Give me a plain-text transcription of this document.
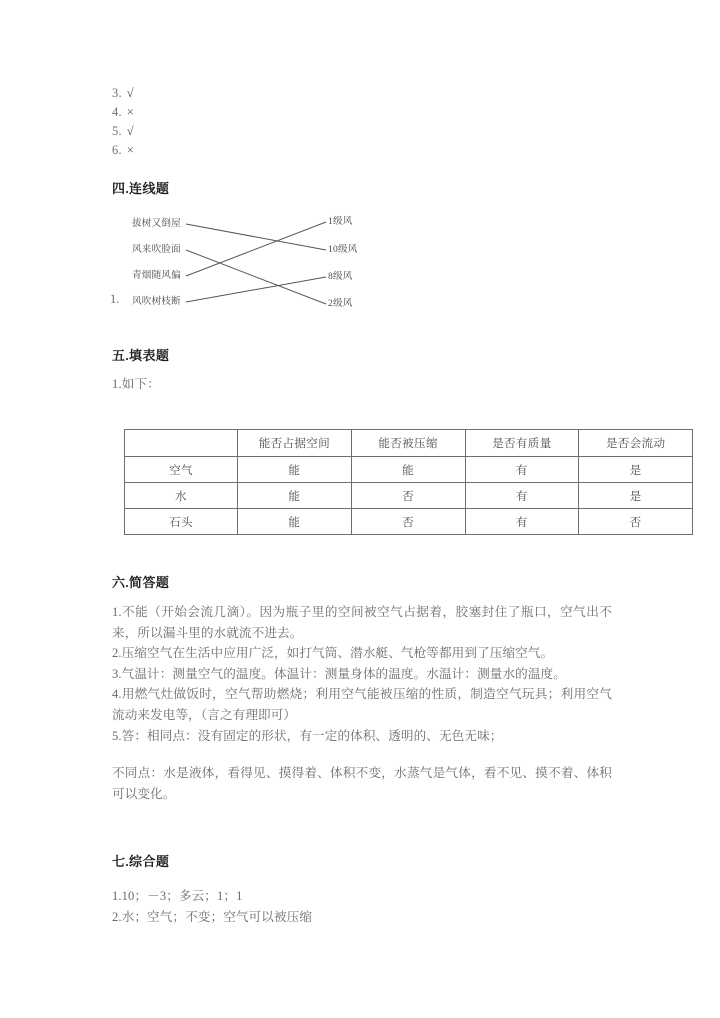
3. √
4. ×
5. √
6. ×
四.连线题
1.
拔树又倒屋
风来吹脸面
青烟随风偏
风吹树枝断
1级风
10级风
8级风
2级风
五.填表题
1.如下：
	能否占据空间	能否被压缩	是否有质量	是否会流动
空气	能	能	有	是
水	能	否	有	是
石头	能	否	有	否
六.简答题

1.不能（开始会流几滴）。因为瓶子里的空间被空气占据着，胶塞封住了瓶口，空气出不来，所以漏斗里的水就流不进去。

2.压缩空气在生活中应用广泛，如打气筒、潜水艇、气枪等都用到了压缩空气。

3.气温计：测量空气的温度。体温计：测量身体的温度。水温计：测量水的温度。

4.用燃气灶做饭时，空气帮助燃烧；利用空气能被压缩的性质，制造空气玩具；利用空气流动来发电等，（言之有理即可）

5.答：相同点：没有固定的形状，有一定的体积、透明的、无色无味；

不同点：水是液体，看得见、摸得着、体积不变，水蒸气是气体，看不见、摸不着、体积可以变化。

七.综合题

1.10；－3；多云；1；1

2.水；空气；不变；空气可以被压缩
